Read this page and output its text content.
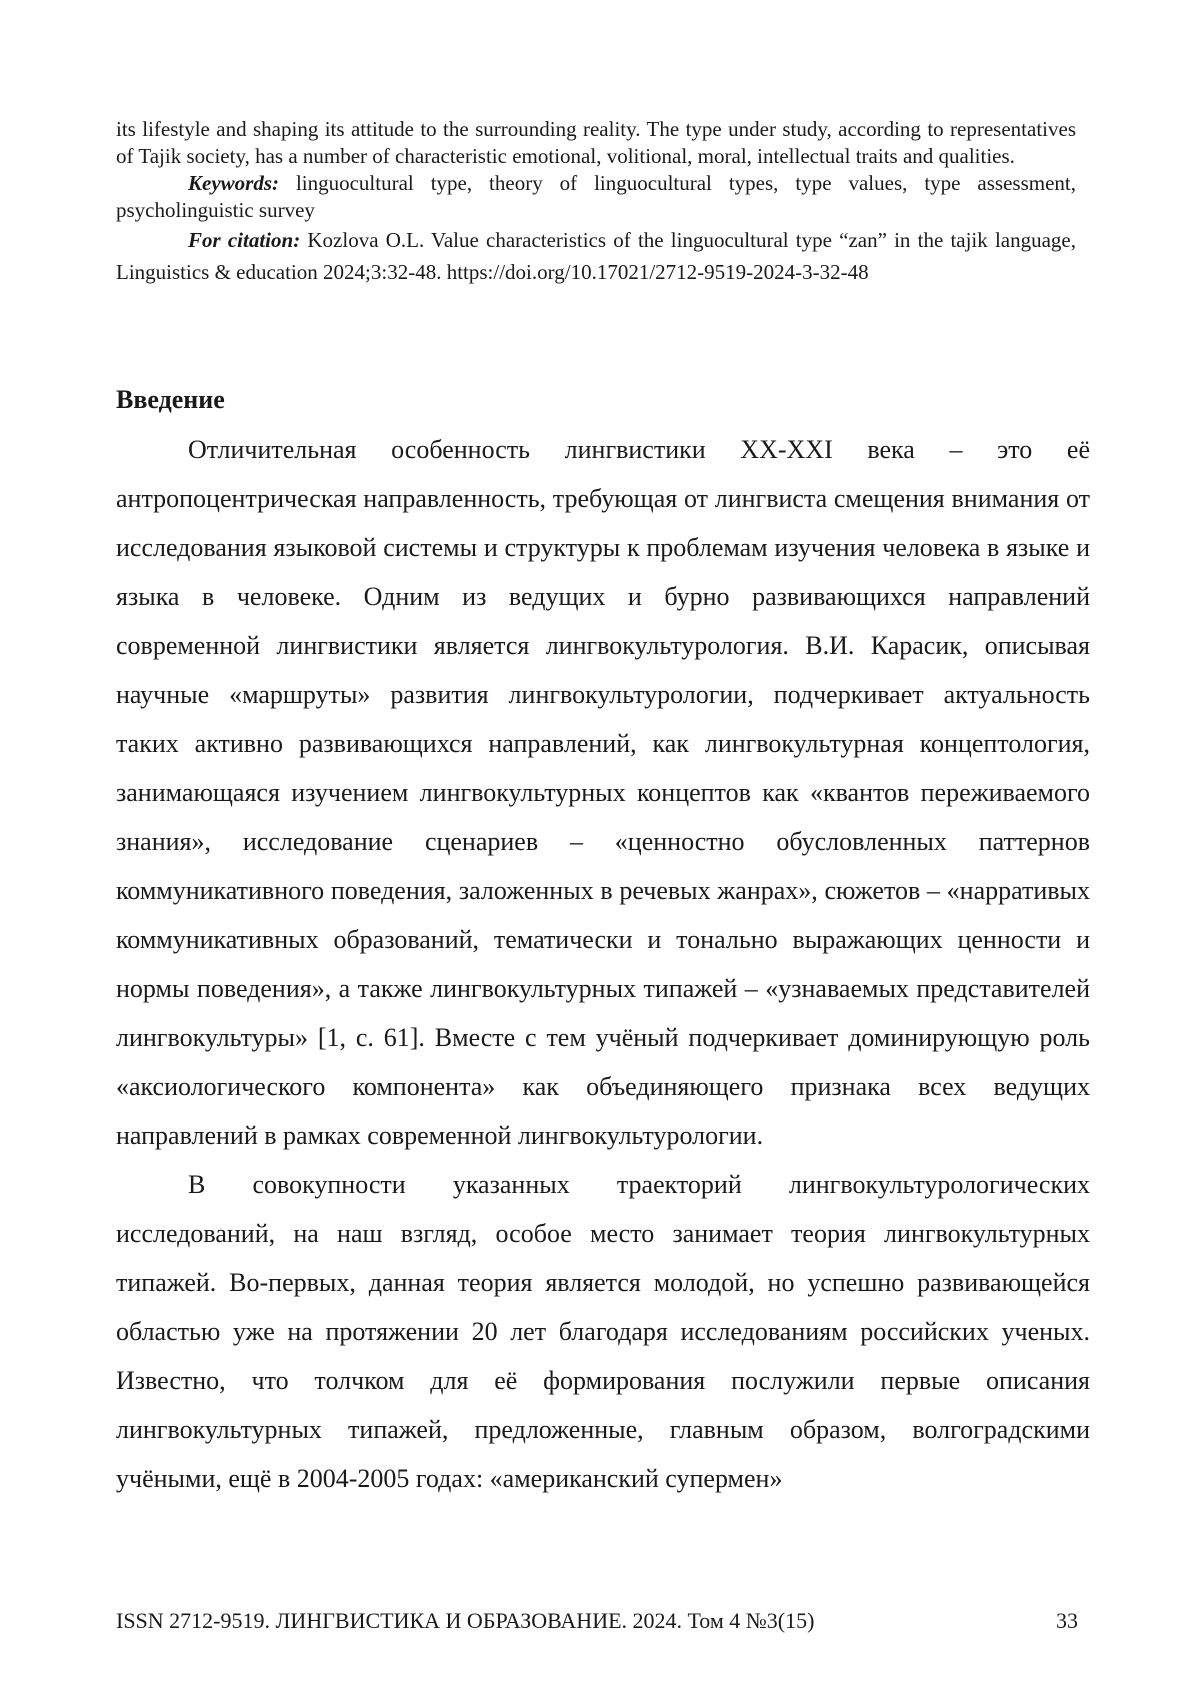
its lifestyle and shaping its attitude to the surrounding reality. The type under study, according to representatives of Tajik society, has a number of characteristic emotional, volitional, moral, intellectual traits and qualities.

Keywords: linguocultural type, theory of linguocultural types, type values, type assessment, psycholinguistic survey

For citation: Kozlova O.L. Value characteristics of the linguocultural type “zan” in the tajik language, Linguistics & education 2024;3:32-48. https://doi.org/10.17021/2712-9519-2024-3-32-48

Введение

Отличительная особенность лингвистики XX-XXI века – это её антропоцентрическая направленность, требующая от лингвиста смещения внимания от исследования языковой системы и структуры к проблемам изучения человека в языке и языка в человеке. Одним из ведущих и бурно развивающихся направлений современной лингвистики является лингвокультурология. В.И. Карасик, описывая научные «маршруты» развития лингвокультурологии, подчеркивает актуальность таких активно развивающихся направлений, как лингвокультурная концептология, занимающаяся изучением лингвокультурных концептов как «квантов переживаемого знания», исследование сценариев – «ценностно обусловленных паттернов коммуникативного поведения, заложенных в речевых жанрах», сюжетов – «нарративых коммуникативных образований, тематически и тонально выражающих ценности и нормы поведения», а также лингвокультурных типажей – «узнаваемых представителей лингвокультуры» [1, с. 61]. Вместе с тем учёный подчеркивает доминирующую роль «аксиологического компонента» как объединяющего признака всех ведущих направлений в рамках современной лингвокультурологии.

В совокупности указанных траекторий лингвокультурологических исследований, на наш взгляд, особое место занимает теория лингвокультурных типажей. Во-первых, данная теория является молодой, но успешно развивающейся областью уже на протяжении 20 лет благодаря исследованиям российских ученых. Известно, что толчком для её формирования послужили первые описания лингвокультурных типажей, предложенные, главным образом, волгоградскими учёными, ещё в 2004-2005 годах: «американский супермен»

ISSN 2712-9519. ЛИНГВИСТИКА И ОБРАЗОВАНИЕ. 2024. Том 4 №3(15)	33
